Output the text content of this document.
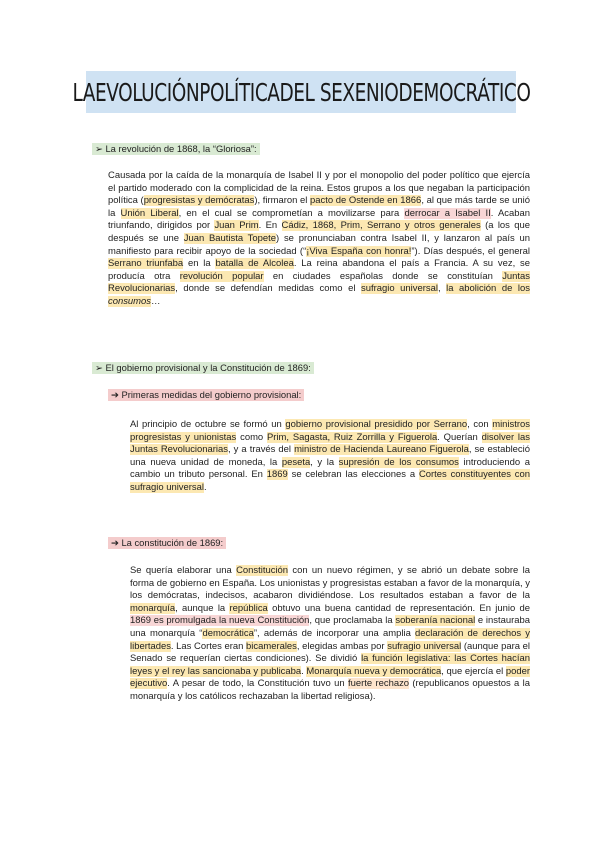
LAEVOLUCIÓNPOLÍTICADEL SEXENIODEMOCRÁTICO
➢ La revolución de 1868, la “Gloriosa”:
Causada por la caída de la monarquía de Isabel II y por el monopolio del poder político que ejercía el partido moderado con la complicidad de la reina. Estos grupos a los que negaban la participación política (progresistas y demócratas), firmaron el pacto de Ostende en 1866, al que más tarde se unió la Unión Liberal, en el cual se comprometían a movilizarse para derrocar a Isabel II. Acaban triunfando, dirigidos por Juan Prim. En Cádiz, 1868, Prim, Serrano y otros generales (a los que después se une Juan Bautista Topete) se pronunciaban contra Isabel II, y lanzaron al país un manifiesto para recibir apoyo de la sociedad (“¡Viva España con honra!”). Días después, el general Serrano triunfaba en la batalla de Alcolea. La reina abandona el país a Francia. A su vez, se producía otra revolución popular en ciudades españolas donde se constituían Juntas Revolucionarias, donde se defendían medidas como el sufragio universal, la abolición de los consumos…
➢ El gobierno provisional y la Constitución de 1869:
➔ Primeras medidas del gobierno provisional:
Al principio de octubre se formó un gobierno provisional presidido por Serrano, con ministros progresistas y unionistas como Prim, Sagasta, Ruiz Zorrilla y Figuerola. Querían disolver las Juntas Revolucionarias, y a través del ministro de Hacienda Laureano Figuerola, se estableció una nueva unidad de moneda, la peseta, y la supresión de los consumos introduciendo a cambio un tributo personal. En 1869 se celebran las elecciones a Cortes constituyentes con sufragio universal.
➔ La constitución de 1869:
Se quería elaborar una Constitución con un nuevo régimen, y se abrió un debate sobre la forma de gobierno en España. Los unionistas y progresistas estaban a favor de la monarquía, y los demócratas, indecisos, acabaron dividiéndose. Los resultados estaban a favor de la monarquía, aunque la república obtuvo una buena cantidad de representación. En junio de 1869 es promulgada la nueva Constitución, que proclamaba la soberanía nacional e instauraba una monarquía “democrática”, además de incorporar una amplia declaración de derechos y libertades. Las Cortes eran bicamerales, elegidas ambas por sufragio universal (aunque para el Senado se requerían ciertas condiciones). Se dividió la función legislativa: las Cortes hacían leyes y el rey las sancionaba y publicaba. Monarquía nueva y democrática, que ejercía el poder ejecutivo. A pesar de todo, la Constitución tuvo un fuerte rechazo (republicanos opuestos a la monarquía y los católicos rechazaban la libertad religiosa).
